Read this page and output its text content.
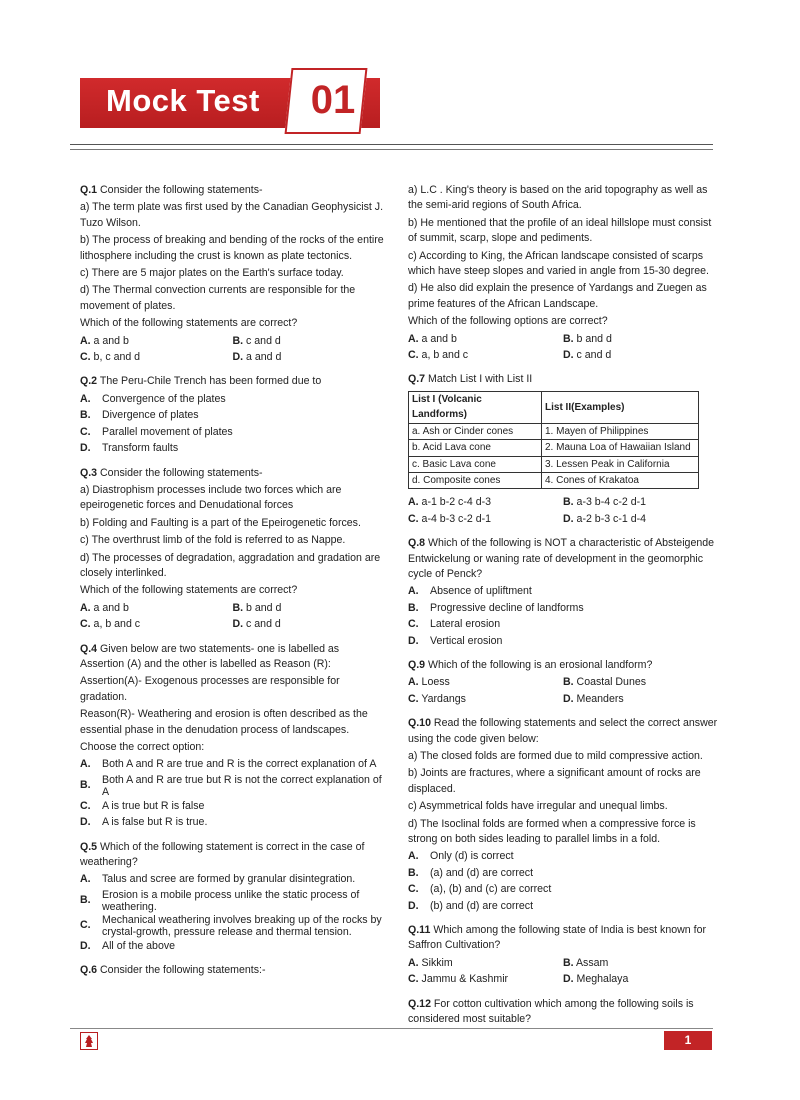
Mock Test	01

Q.1 Consider the following statements-

a) The term plate was first used by the Canadian Geophysicist J. Tuzo Wilson.

b) The process of breaking and bending of the rocks of the entire lithosphere including the crust is known as plate tectonics.

c) There are 5 major plates on the Earth's surface today.

d) The Thermal convection currents are responsible for the movement of plates.

Which of the following statements are correct?

A. a and b	B. c and d
C. b, c and d	D. a and d

Q.2 The Peru-Chile Trench has been formed due to

A.	Convergence of the plates
B.	Divergence of plates
C.	Parallel movement of plates
D.	Transform faults

Q.3 Consider the following statements-

a) Diastrophism processes include two forces which are epeirogenetic forces and Denudational forces

b) Folding and Faulting is a part of the Epeirogenetic forces.

c) The overthrust limb of the fold is referred to as Nappe.

d) The processes of degradation, aggradation and gradation are closely interlinked.

Which of the following statements are correct?

A. a and b	B. b and d
C. a, b and c	D. c and d

Q.4 Given below are two statements- one is labelled as Assertion (A) and the other is labelled as Reason (R):

Assertion(A)- Exogenous processes are responsible for gradation.

Reason(R)- Weathering and erosion is often described as the essential phase in the denudation process of landscapes.

Choose the correct option:

A.	Both A and R are true and R is the correct explanation of A
B.	Both A and R are true but R is not the correct explanation of A
C.	A is true but R is false
D.	A is false but R is true.

Q.5 Which of the following statement is correct in the case of weathering?

A.	Talus and scree are formed by granular disintegration.
B.	Erosion is a mobile process unlike the static process of weathering.
C.	Mechanical weathering involves breaking up of the rocks by crystal-growth, pressure release and thermal tension.
D.	All of the above

Q.6 Consider the following statements:-

a) L.C . King's theory is based on the arid topography as well as the semi-arid regions of South Africa.

b) He mentioned that the profile of an ideal hillslope must consist of summit, scarp, slope and pediments.

c) According to King, the African landscape consisted of scarps which have steep slopes and varied in angle from 15-30 degree.

d) He also did explain the presence of Yardangs and Zuegen as prime features of the African Landscape.

Which of the following options are correct?

A. a and b	B. b and d
C. a, b and c	D. c and d

Q.7 Match List I with List II

List I (Volcanic Landforms)	List II(Examples)
a. Ash or Cinder cones	1. Mayen of Philippines
b. Acid Lava cone	2. Mauna Loa of Hawaiian Island
c. Basic Lava cone	3. Lessen Peak in California
d. Composite cones	4. Cones of Krakatoa
A. a-1 b-2 c-4 d-3	B. a-3 b-4 c-2 d-1
C. a-4 b-3 c-2 d-1	D. a-2 b-3 c-1 d-4

Q.8 Which of the following is NOT a characteristic of Absteigende Entwickelung or waning rate of development in the geomorphic cycle of Penck?

A.	Absence of upliftment
B.	Progressive decline of landforms
C.	Lateral erosion
D.	Vertical erosion

Q.9 Which of the following is an erosional landform?

A. Loess	B. Coastal Dunes
C. Yardangs	D. Meanders

Q.10 Read the following statements and select the correct answer using the code given below:

a) The closed folds are formed due to mild compressive action.

b) Joints are fractures, where a significant amount of rocks are displaced.

c) Asymmetrical folds have irregular and unequal limbs.

d) The Isoclinal folds are formed when a compressive force is strong on both sides leading to parallel limbs in a fold.

A.	Only (d) is correct
B.	(a) and (d) are correct
C.	(a), (b) and (c) are correct
D.	(b) and (d) are correct

Q.11 Which among the following state of India is best known for Saffron Cultivation?

A. Sikkim	B. Assam
C. Jammu & Kashmir	D. Meghalaya

Q.12 For cotton cultivation which among the following soils is considered most suitable?

1
